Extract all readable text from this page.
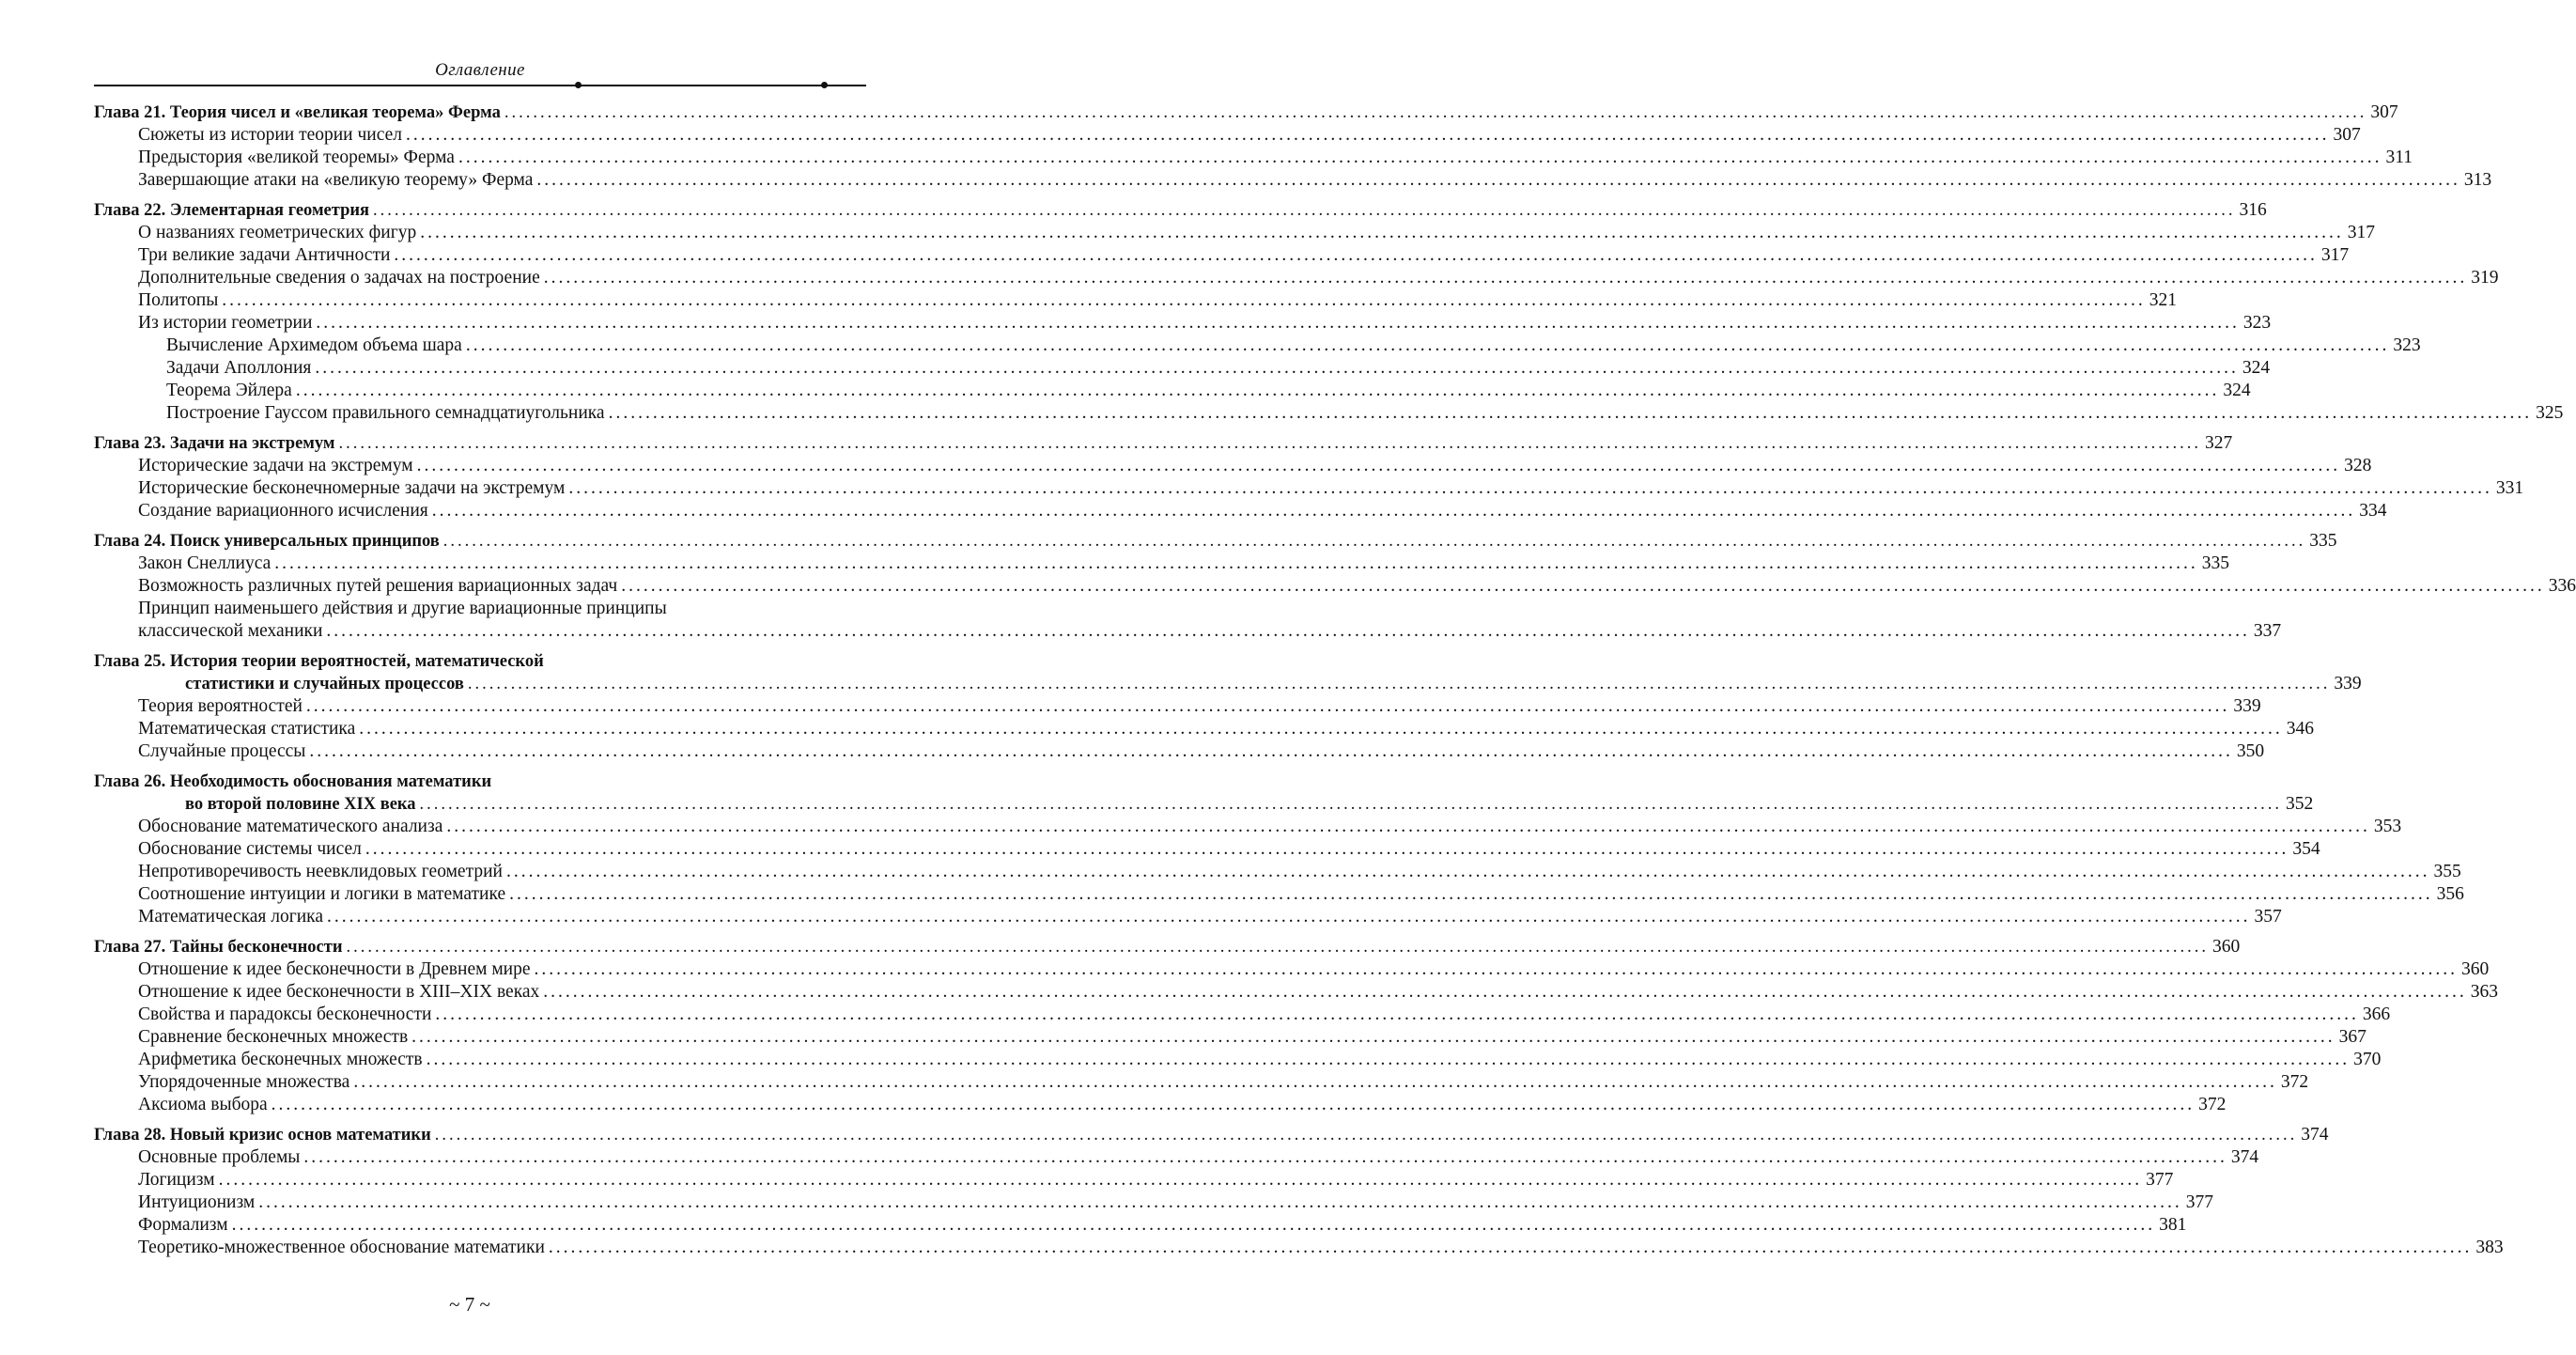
Оглавление
Глава 21. Теория чисел и «великая теорема» Ферма .................................................................................................................................................................................................................................................................... 307
Сюжеты из истории теории чисел .................................................................................................................................................................................................................................................................... 307
Предыстория «великой теоремы» Ферма .................................................................................................................................................................................................................................................................... 311
Завершающие атаки на «великую теорему» Ферма .................................................................................................................................................................................................................................................................... 313
Глава 22. Элементарная геометрия .................................................................................................................................................................................................................................................................... 316
О названиях геометрических фигур .................................................................................................................................................................................................................................................................... 317
Три великие задачи Античности .................................................................................................................................................................................................................................................................... 317
Дополнительные сведения о задачах на построение .................................................................................................................................................................................................................................................................... 319
Политопы .................................................................................................................................................................................................................................................................... 321
Из истории геометрии .................................................................................................................................................................................................................................................................... 323
Вычисление Архимедом объема шара .................................................................................................................................................................................................................................................................... 323
Задачи Аполлония .................................................................................................................................................................................................................................................................... 324
Теорема Эйлера .................................................................................................................................................................................................................................................................... 324
Построение Гауссом правильного семнадцатиугольника .................................................................................................................................................................................................................................................................... 325
Глава 23. Задачи на экстремум .................................................................................................................................................................................................................................................................... 327
Исторические задачи на экстремум .................................................................................................................................................................................................................................................................... 328
Исторические бесконечномерные задачи на экстремум .................................................................................................................................................................................................................................................................... 331
Создание вариационного исчисления .................................................................................................................................................................................................................................................................... 334
Глава 24. Поиск универсальных принципов .................................................................................................................................................................................................................................................................... 335
Закон Снеллиуса .................................................................................................................................................................................................................................................................... 335
Возможность различных путей решения вариационных задач .................................................................................................................................................................................................................................................................... 336
Принцип наименьшего действия и другие вариационные принципы
классической механики .................................................................................................................................................................................................................................................................... 337
Глава 25. История теории вероятностей, математической
статистики и случайных процессов .................................................................................................................................................................................................................................................................... 339
Теория вероятностей .................................................................................................................................................................................................................................................................... 339
Математическая статистика .................................................................................................................................................................................................................................................................... 346
Случайные процессы .................................................................................................................................................................................................................................................................... 350
Глава 26. Необходимость обоснования математики
во второй половине XIX века .................................................................................................................................................................................................................................................................... 352
Обоснование математического анализа .................................................................................................................................................................................................................................................................... 353
Обоснование системы чисел .................................................................................................................................................................................................................................................................... 354
Непротиворечивость неевклидовых геометрий .................................................................................................................................................................................................................................................................... 355
Соотношение интуиции и логики в математике .................................................................................................................................................................................................................................................................... 356
Математическая логика .................................................................................................................................................................................................................................................................... 357
Глава 27. Тайны бесконечности .................................................................................................................................................................................................................................................................... 360
Отношение к идее бесконечности в Древнем мире .................................................................................................................................................................................................................................................................... 360
Отношение к идее бесконечности в XIII–XIX веках .................................................................................................................................................................................................................................................................... 363
Свойства и парадоксы бесконечности .................................................................................................................................................................................................................................................................... 366
Сравнение бесконечных множеств .................................................................................................................................................................................................................................................................... 367
Арифметика бесконечных множеств .................................................................................................................................................................................................................................................................... 370
Упорядоченные множества .................................................................................................................................................................................................................................................................... 372
Аксиома выбора .................................................................................................................................................................................................................................................................... 372
Глава 28. Новый кризис основ математики .................................................................................................................................................................................................................................................................... 374
Основные проблемы .................................................................................................................................................................................................................................................................... 374
Логицизм .................................................................................................................................................................................................................................................................... 377
Интуиционизм .................................................................................................................................................................................................................................................................... 377
Формализм .................................................................................................................................................................................................................................................................... 381
Теоретико-множественное обоснование математики .................................................................................................................................................................................................................................................................... 383
~ 7 ~
